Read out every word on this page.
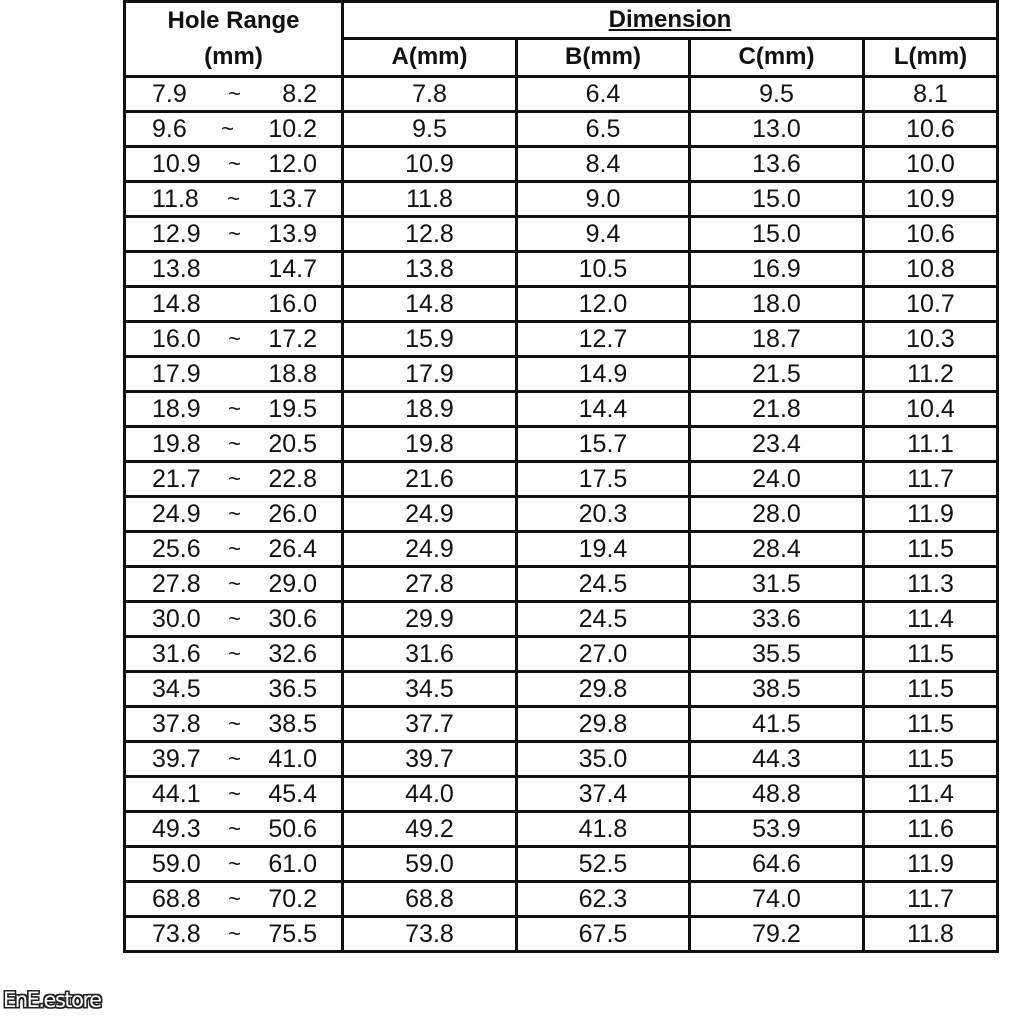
Hole Range
(mm)	Dimension			
	A(mm)	B(mm)	C(mm)	L(mm)

7.9 ~ 8.2	7.8	6.4	9.5	8.1

9.6 ~ 10.2	9.5	6.5	13.0	10.6

10.9 ~ 12.0	10.9	8.4	13.6	10.0

11.8 ~ 13.7	11.8	9.0	15.0	10.9

12.9 ~ 13.9	12.8	9.4	15.0	10.6

13.8 14.7	13.8	10.5	16.9	10.8

14.8 16.0	14.8	12.0	18.0	10.7

16.0 ~ 17.2	15.9	12.7	18.7	10.3

17.9 18.8	17.9	14.9	21.5	11.2

18.9 ~ 19.5	18.9	14.4	21.8	10.4

19.8 ~ 20.5	19.8	15.7	23.4	11.1

21.7 ~ 22.8	21.6	17.5	24.0	11.7

24.9 ~ 26.0	24.9	20.3	28.0	11.9

25.6 ~ 26.4	24.9	19.4	28.4	11.5

27.8 ~ 29.0	27.8	24.5	31.5	11.3

30.0 ~ 30.6	29.9	24.5	33.6	11.4

31.6 ~ 32.6	31.6	27.0	35.5	11.5

34.5 36.5	34.5	29.8	38.5	11.5

37.8 ~ 38.5	37.7	29.8	41.5	11.5

39.7 ~ 41.0	39.7	35.0	44.3	11.5

44.1 ~ 45.4	44.0	37.4	48.8	11.4

49.3 ~ 50.6	49.2	41.8	53.9	11.6

59.0 ~ 61.0	59.0	52.5	64.6	11.9

68.8 ~ 70.2	68.8	62.3	74.0	11.7

73.8 ~ 75.5	73.8	67.5	79.2	11.8
EnE.estore
